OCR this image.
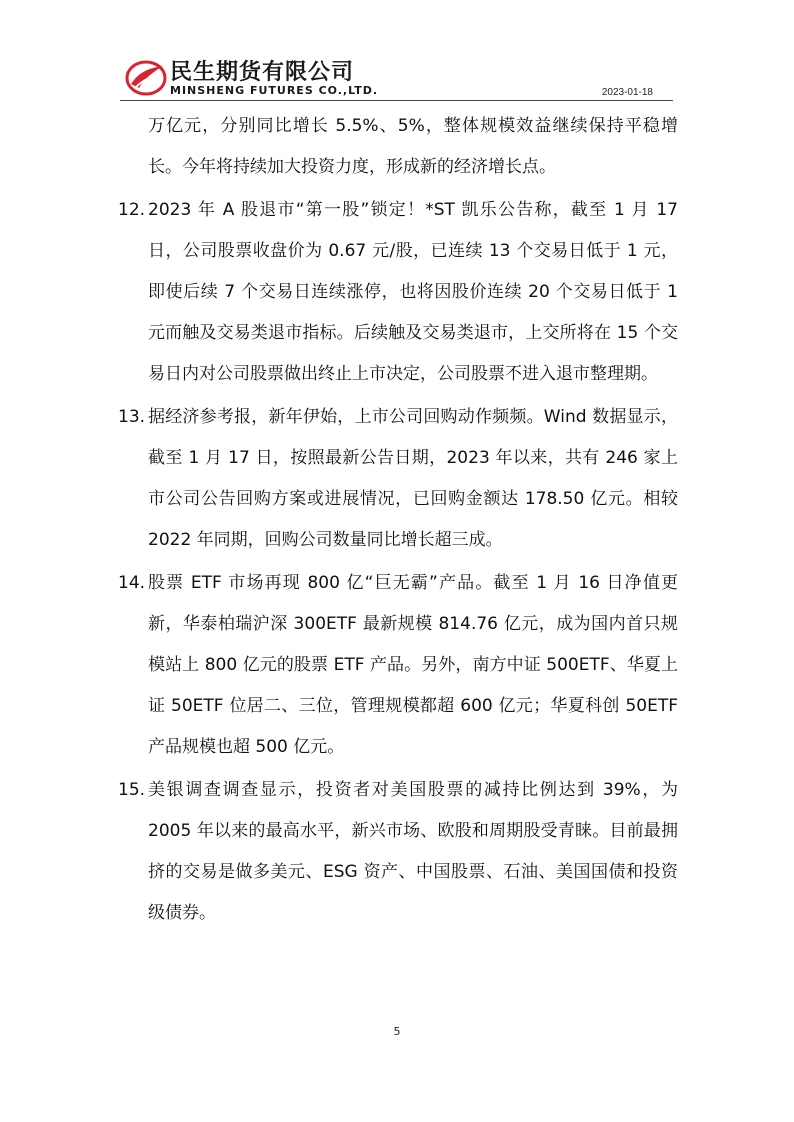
民生期货有限公司
MINSHENG FUTURES CO.,LTD.	2023-01-18

万亿元，分别同比增长 5.5%、5%，整体规模效益继续保持平稳增长。今年将持续加大投资力度，形成新的经济增长点。

12. 2023 年 A 股退市“第一股”锁定！*ST 凯乐公告称，截至 1 月 17 日，公司股票收盘价为 0.67 元/股，已连续 13 个交易日低于 1 元，即使后续 7 个交易日连续涨停，也将因股价连续 20 个交易日低于 1 元而触及交易类退市指标。后续触及交易类退市，上交所将在 15 个交易日内对公司股票做出终止上市决定，公司股票不进入退市整理期。
13. 据经济参考报，新年伊始，上市公司回购动作频频。Wind 数据显示，截至 1 月 17 日，按照最新公告日期，2023 年以来，共有 246 家上市公司公告回购方案或进展情况，已回购金额达 178.50 亿元。相较 2022 年同期，回购公司数量同比增长超三成。
14. 股票 ETF 市场再现 800 亿“巨无霸”产品。截至 1 月 16 日净值更新，华泰柏瑞沪深 300ETF 最新规模 814.76 亿元，成为国内首只规模站上 800 亿元的股票 ETF 产品。另外，南方中证 500ETF、华夏上证 50ETF 位居二、三位，管理规模都超 600 亿元；华夏科创 50ETF 产品规模也超 500 亿元。
15. 美银调查调查显示，投资者对美国股票的减持比例达到 39%，为 2005 年以来的最高水平，新兴市场、欧股和周期股受青睐。目前最拥挤的交易是做多美元、ESG 资产、中国股票、石油、美国国债和投资级债券。
5
